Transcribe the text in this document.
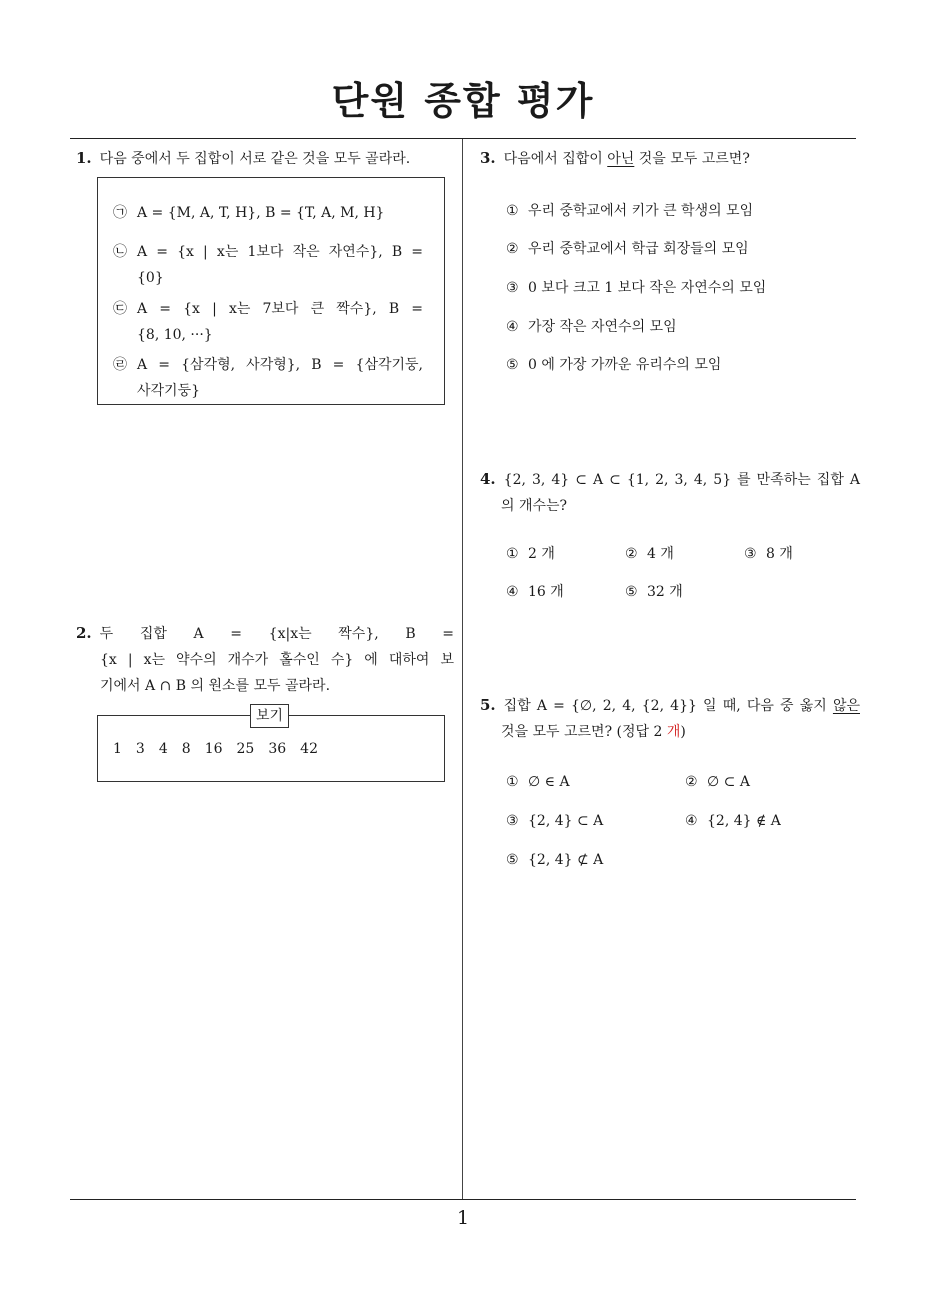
단원 종합 평가
1. 다음 중에서 두 집합이 서로 같은 것을 모두 골라라.
㉠ A = {M, A, T, H}, B = {T, A, M, H}
㉡ A = {x | x는 1보다 작은 자연수}, B =
{0}
㉢ A = {x | x는 7보다 큰 짝수}, B =
{8, 10, ···}
㉣ A = {삼각형, 사각형}, B = {삼각기둥,
사각기둥}
2. 두 집합 A = {x|x는 짝수}, B =
{x | x는 약수의 개수가 홀수인 수} 에 대하여 보
기에서 A ∩ B 의 원소를 모두 골라라.
보기
1 3 4 8 16 25 36 42
3. 다음에서 집합이 아닌 것을 모두 고르면?
① 우리 중학교에서 키가 큰 학생의 모임
② 우리 중학교에서 학급 회장들의 모임
③ 0 보다 크고 1 보다 작은 자연수의 모임
④ 가장 작은 자연수의 모임
⑤ 0 에 가장 가까운 유리수의 모임
4. {2, 3, 4} ⊂ A ⊂ {1, 2, 3, 4, 5} 를 만족하는 집합 A
의 개수는?
① 2 개	② 4 개	③ 8 개
④ 16 개	⑤ 32 개
5. 집합 A = {∅, 2, 4, {2, 4}} 일 때, 다음 중 옳지 않은
것을 모두 고르면? (정답 2 개)
① ∅ ∈ A	② ∅ ⊂ A
③ {2, 4} ⊂ A	④ {2, 4} ∉ A
⑤ {2, 4} ⊄ A
1
